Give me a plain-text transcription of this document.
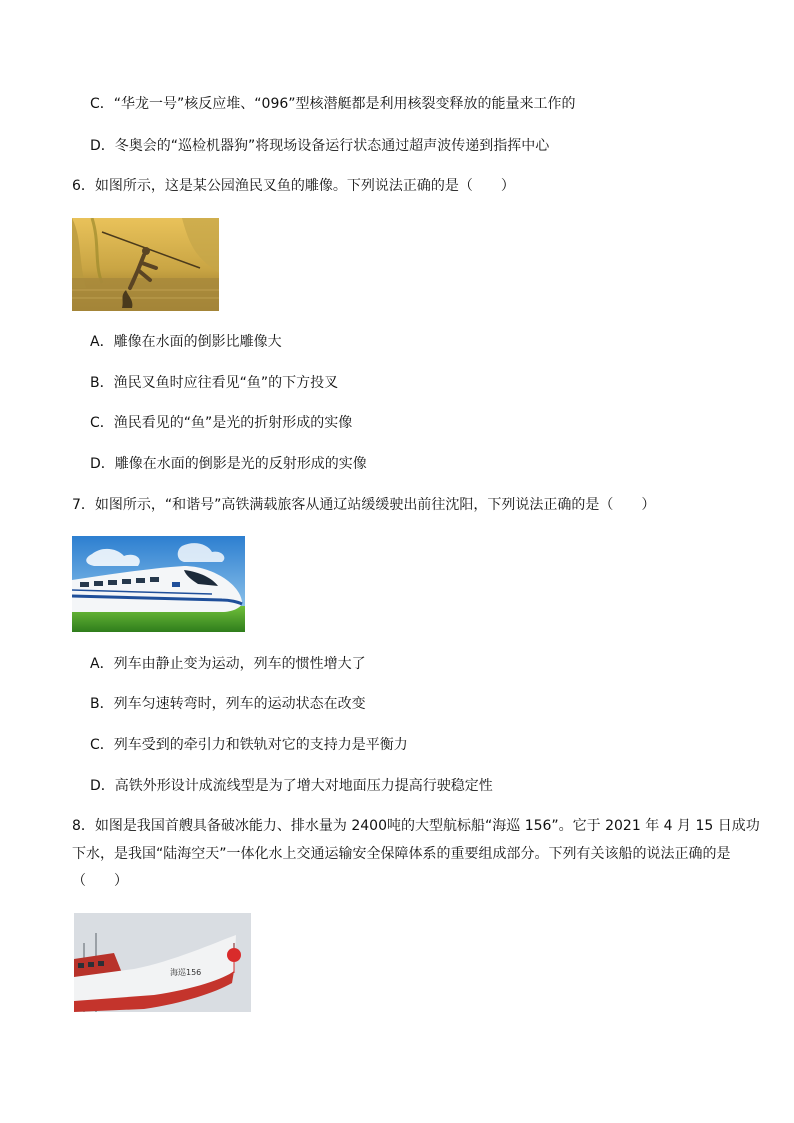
C．“华龙一号”核反应堆、“096”型核潜艇都是利用核裂变释放的能量来工作的
D．冬奥会的“巡检机器狗”将现场设备运行状态通过超声波传递到指挥中心
6．如图所示，这是某公园渔民叉鱼的雕像。下列说法正确的是（　　）
A．雕像在水面的倒影比雕像大
B．渔民叉鱼时应往看见“鱼”的下方投叉
C．渔民看见的“鱼”是光的折射形成的实像
D．雕像在水面的倒影是光的反射形成的实像
7．如图所示，“和谐号”高铁满载旅客从通辽站缓缓驶出前往沈阳，下列说法正确的是（　　）
A．列车由静止变为运动，列车的惯性增大了
B．列车匀速转弯时，列车的运动状态在改变
C．列车受到的牵引力和铁轨对它的支持力是平衡力
D．高铁外形设计成流线型是为了增大对地面压力提高行驶稳定性
8．如图是我国首艘具备破冰能力、排水量为 2400吨的大型航标船“海巡 156”。它于 2021 年 4 月 15 日成功
下水，是我国“陆海空天”一体化水上交通运输安全保障体系的重要组成部分。下列有关该船的说法正确的是
（　　）
海巡156
